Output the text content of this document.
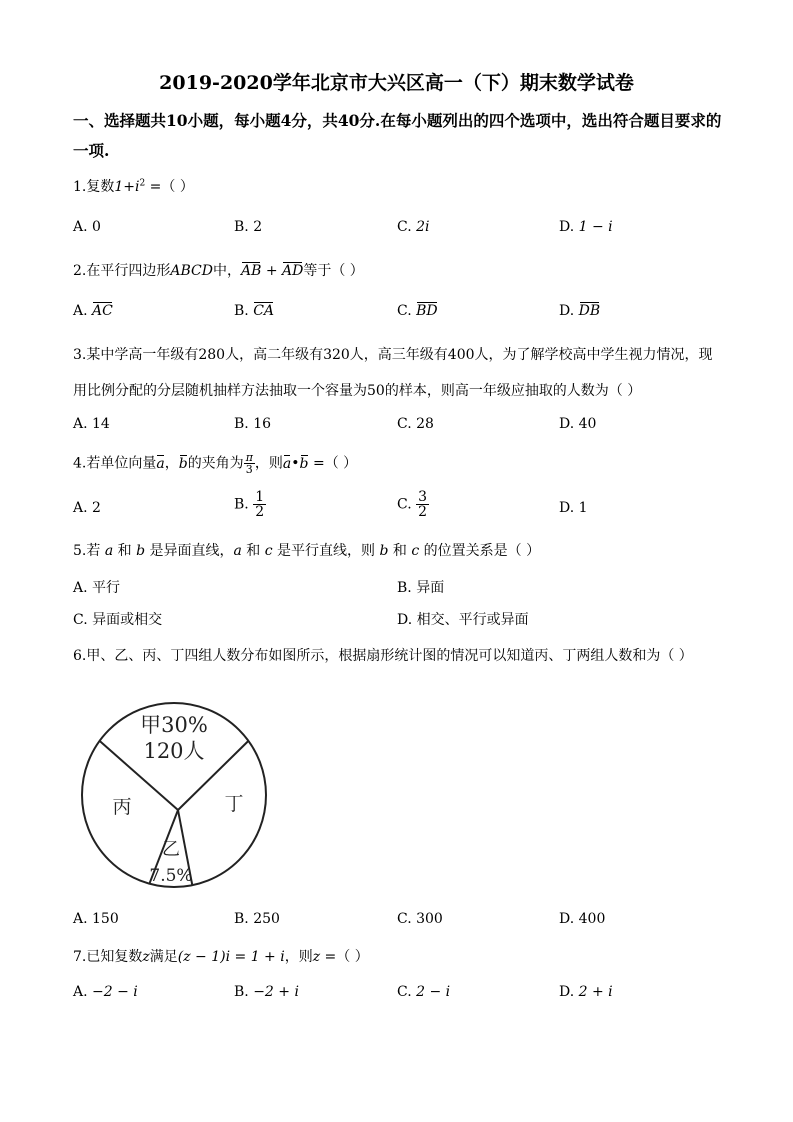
2019-2020学年北京市大兴区高一（下）期末数学试卷
一、选择题共10小题，每小题4分，共40分.在每小题列出的四个选项中，选出符合题目要求的一项.
1.复数$1+i^2$ =（ ）
A. 0	B. 2	C. 2i	D. 1 − i
2.在平行四边形ABCD中，AB + AD等于（ ）
A. AC	B. CA	C. BD	D. DB
3.某中学高一年级有280人，高二年级有320人，高三年级有400人，为了解学校高中学生视力情况，现
用比例分配的分层随机抽样方法抽取一个容量为50的样本，则高一年级应抽取的人数为（ ）
A. 14	B. 16	C. 28	D. 40
4.若单位向量a，b的夹角为 $\frac{\pi}{3}$ ，则a•b =（ ）
A. 2	B. $\frac{1}{2}$	C. $\frac{3}{2}$	D. 1
5.若 a 和 b 是异面直线，a 和 c 是平行直线，则 b 和 c 的位置关系是（ ）
A. 平行	B. 异面
C. 异面或相交	D. 相交、平行或异面
6.甲、乙、丙、丁四组人数分布如图所示，根据扇形统计图的情况可以知道丙、丁两组人数和为（ ）
甲30%
120人
丙	丁
乙
7.5%
A. 150	B. 250	C. 300	D. 400
7.已知复数z满足(z − 1)i = 1 + i，则z =（ ）
A. −2 − i	B. −2 + i	C. 2 − i	D. 2 + i
